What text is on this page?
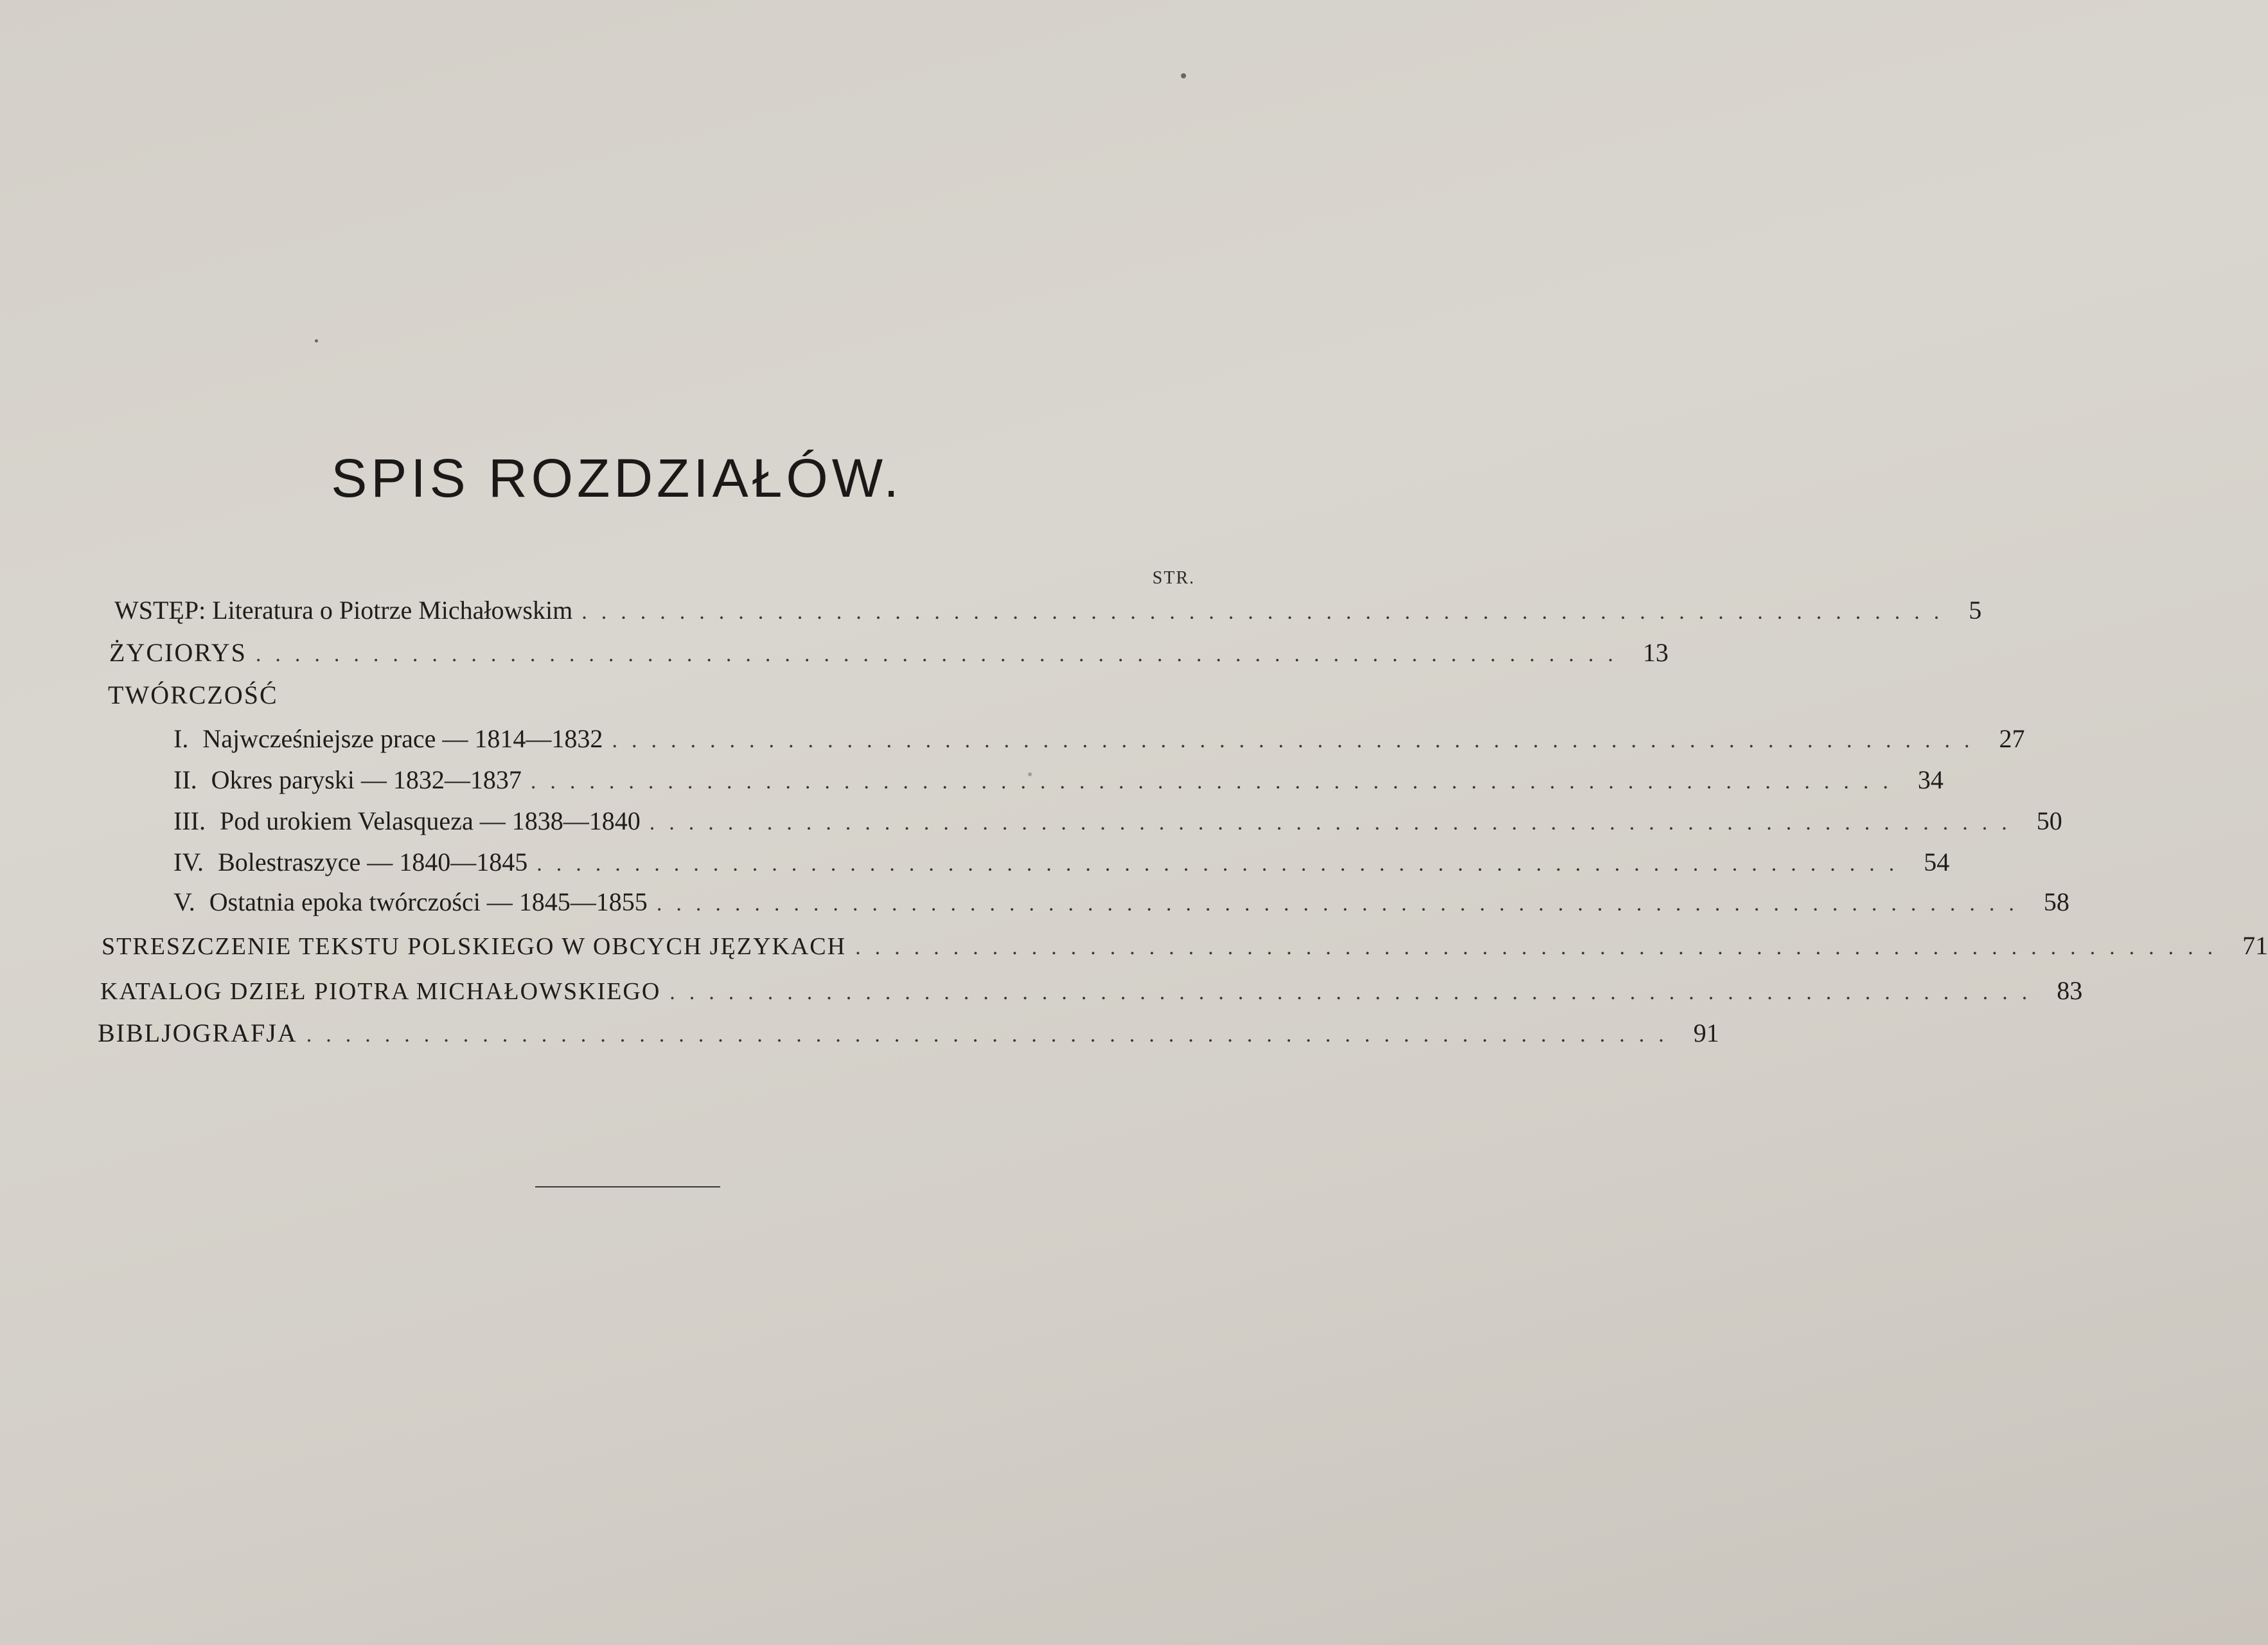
SPIS ROZDZIAŁÓW.
STR.
WSTĘP: Literatura o Piotrze Michałowskim ...................................................................... 5
ŻYCIORYS ...................................................................... 13
TWÓRCZOŚĆ
I. Najwcześniejsze prace — 1814—1832 ...................................................................... 27
II. Okres paryski — 1832—1837 ...................................................................... 34
III. Pod urokiem Velasqueza — 1838—1840 ...................................................................... 50
IV. Bolestraszyce — 1840—1845 ...................................................................... 54
V. Ostatnia epoka twórczości — 1845—1855 ...................................................................... 58
STRESZCZENIE TEKSTU POLSKIEGO W OBCYCH JĘZYKACH ...................................................................... 71
KATALOG DZIEŁ PIOTRA MICHAŁOWSKIEGO ...................................................................... 83
BIBLJOGRAFJA ...................................................................... 91
